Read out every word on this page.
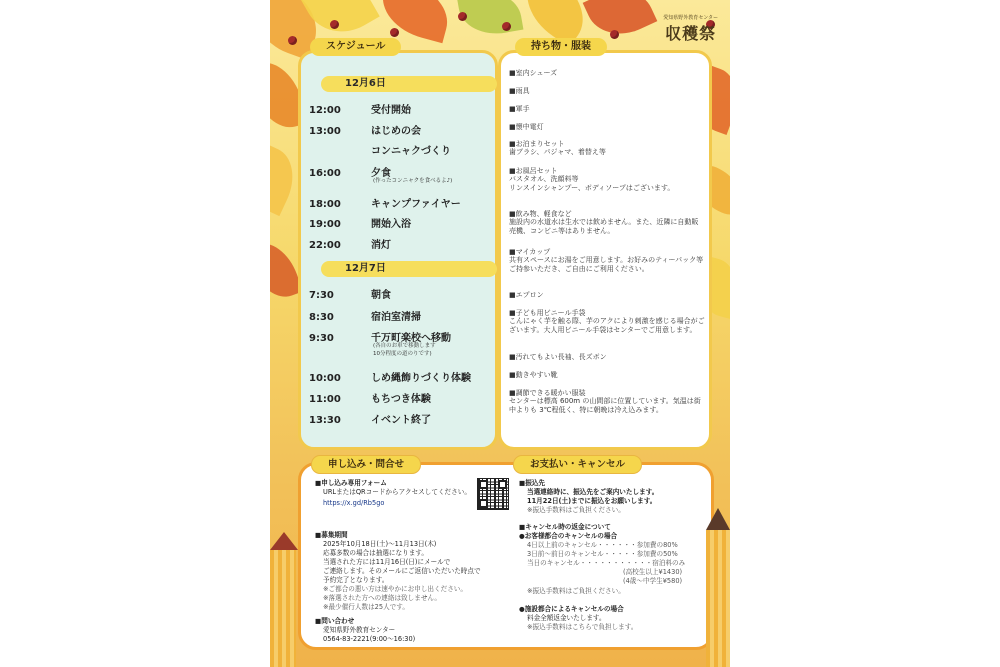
愛知県野外教育センター
収穫祭
12月6日
12:00	受付開始
13:00	はじめの会
コンニャクづくり
16:00	夕食
(作ったコンニャクを食べるよ♪)
18:00	キャンプファイヤー
19:00	開始入浴
22:00	消灯
12月7日
7:30	朝食
8:30	宿泊室清掃
9:30	千万町楽校へ移動
(各自のお車で移動します
10分程度の道のりです)
10:00	しめ縄飾りづくり体験
11:00	もちつき体験
13:30	イベント終了
スケジュール
■室内シューズ
■雨具
■軍手
■懐中電灯
■お泊まりセット
歯ブラシ、パジャマ、着替え等
■お風呂セット
バスタオル、洗顔料等
リンスインシャンプー、ボディソープはございます。
■飲み物、軽食など
施設内の水道水は生水では飲めません。また、近隣に自動販売機、コンビニ等はありません。
■マイカップ
共有スペースにお湯をご用意します。お好みのティーパック等ご持参いただき、ご自由にご利用ください。
■エプロン
■子ども用ビニール手袋
こんにゃく芋を触る際、芋のアクにより刺激を感じる場合がございます。大人用ビニール手袋はセンターでご用意します。
■汚れてもよい長袖、長ズボン
■動きやすい靴
■調節できる暖かい服装
センターは標高 600m の山間部に位置しています。気温は街中よりも 3℃程低く、特に朝晩は冷え込みます。
持ち物・服装
申し込み・問合せ	お支払い・キャンセル
■申し込み専用フォーム
URLまたはQRコードからアクセスしてください。
https://x.gd/Rb5go
■募集期間
2025年10月18日(土)〜11月13日(木)
応募多数の場合は抽選になります。
当選された方には11月16日(日)にメールで
ご連絡します。そのメールにご返信いただいた時点で
予約完了となります。
※ご都合の悪い方は速やかにお申し出ください。
※落選された方への連絡は致しません。
※最少催行人数は25人です。
■問い合わせ
愛知県野外教育センター
0564-83-2221(9:00〜16:30)
■振込先
当選連絡時に、振込先をご案内いたします。
11月22日(土)までに振込をお願いします。
※振込手数料はご負担ください。
■キャンセル時の返金について
●お客様都合のキャンセルの場合
4日以上前のキャンセル・・・・・・参加費の80%
3日前〜前日のキャンセル・・・・・参加費の50%
当日のキャンセル・・・・・・・・・・・宿泊料のみ
(高校生以上¥1430)
(4歳〜中学生¥580)
※振込手数料はご負担ください。
●施設都合によるキャンセルの場合
料金全額返金いたします。
※振込手数料はこちらで負担します。
